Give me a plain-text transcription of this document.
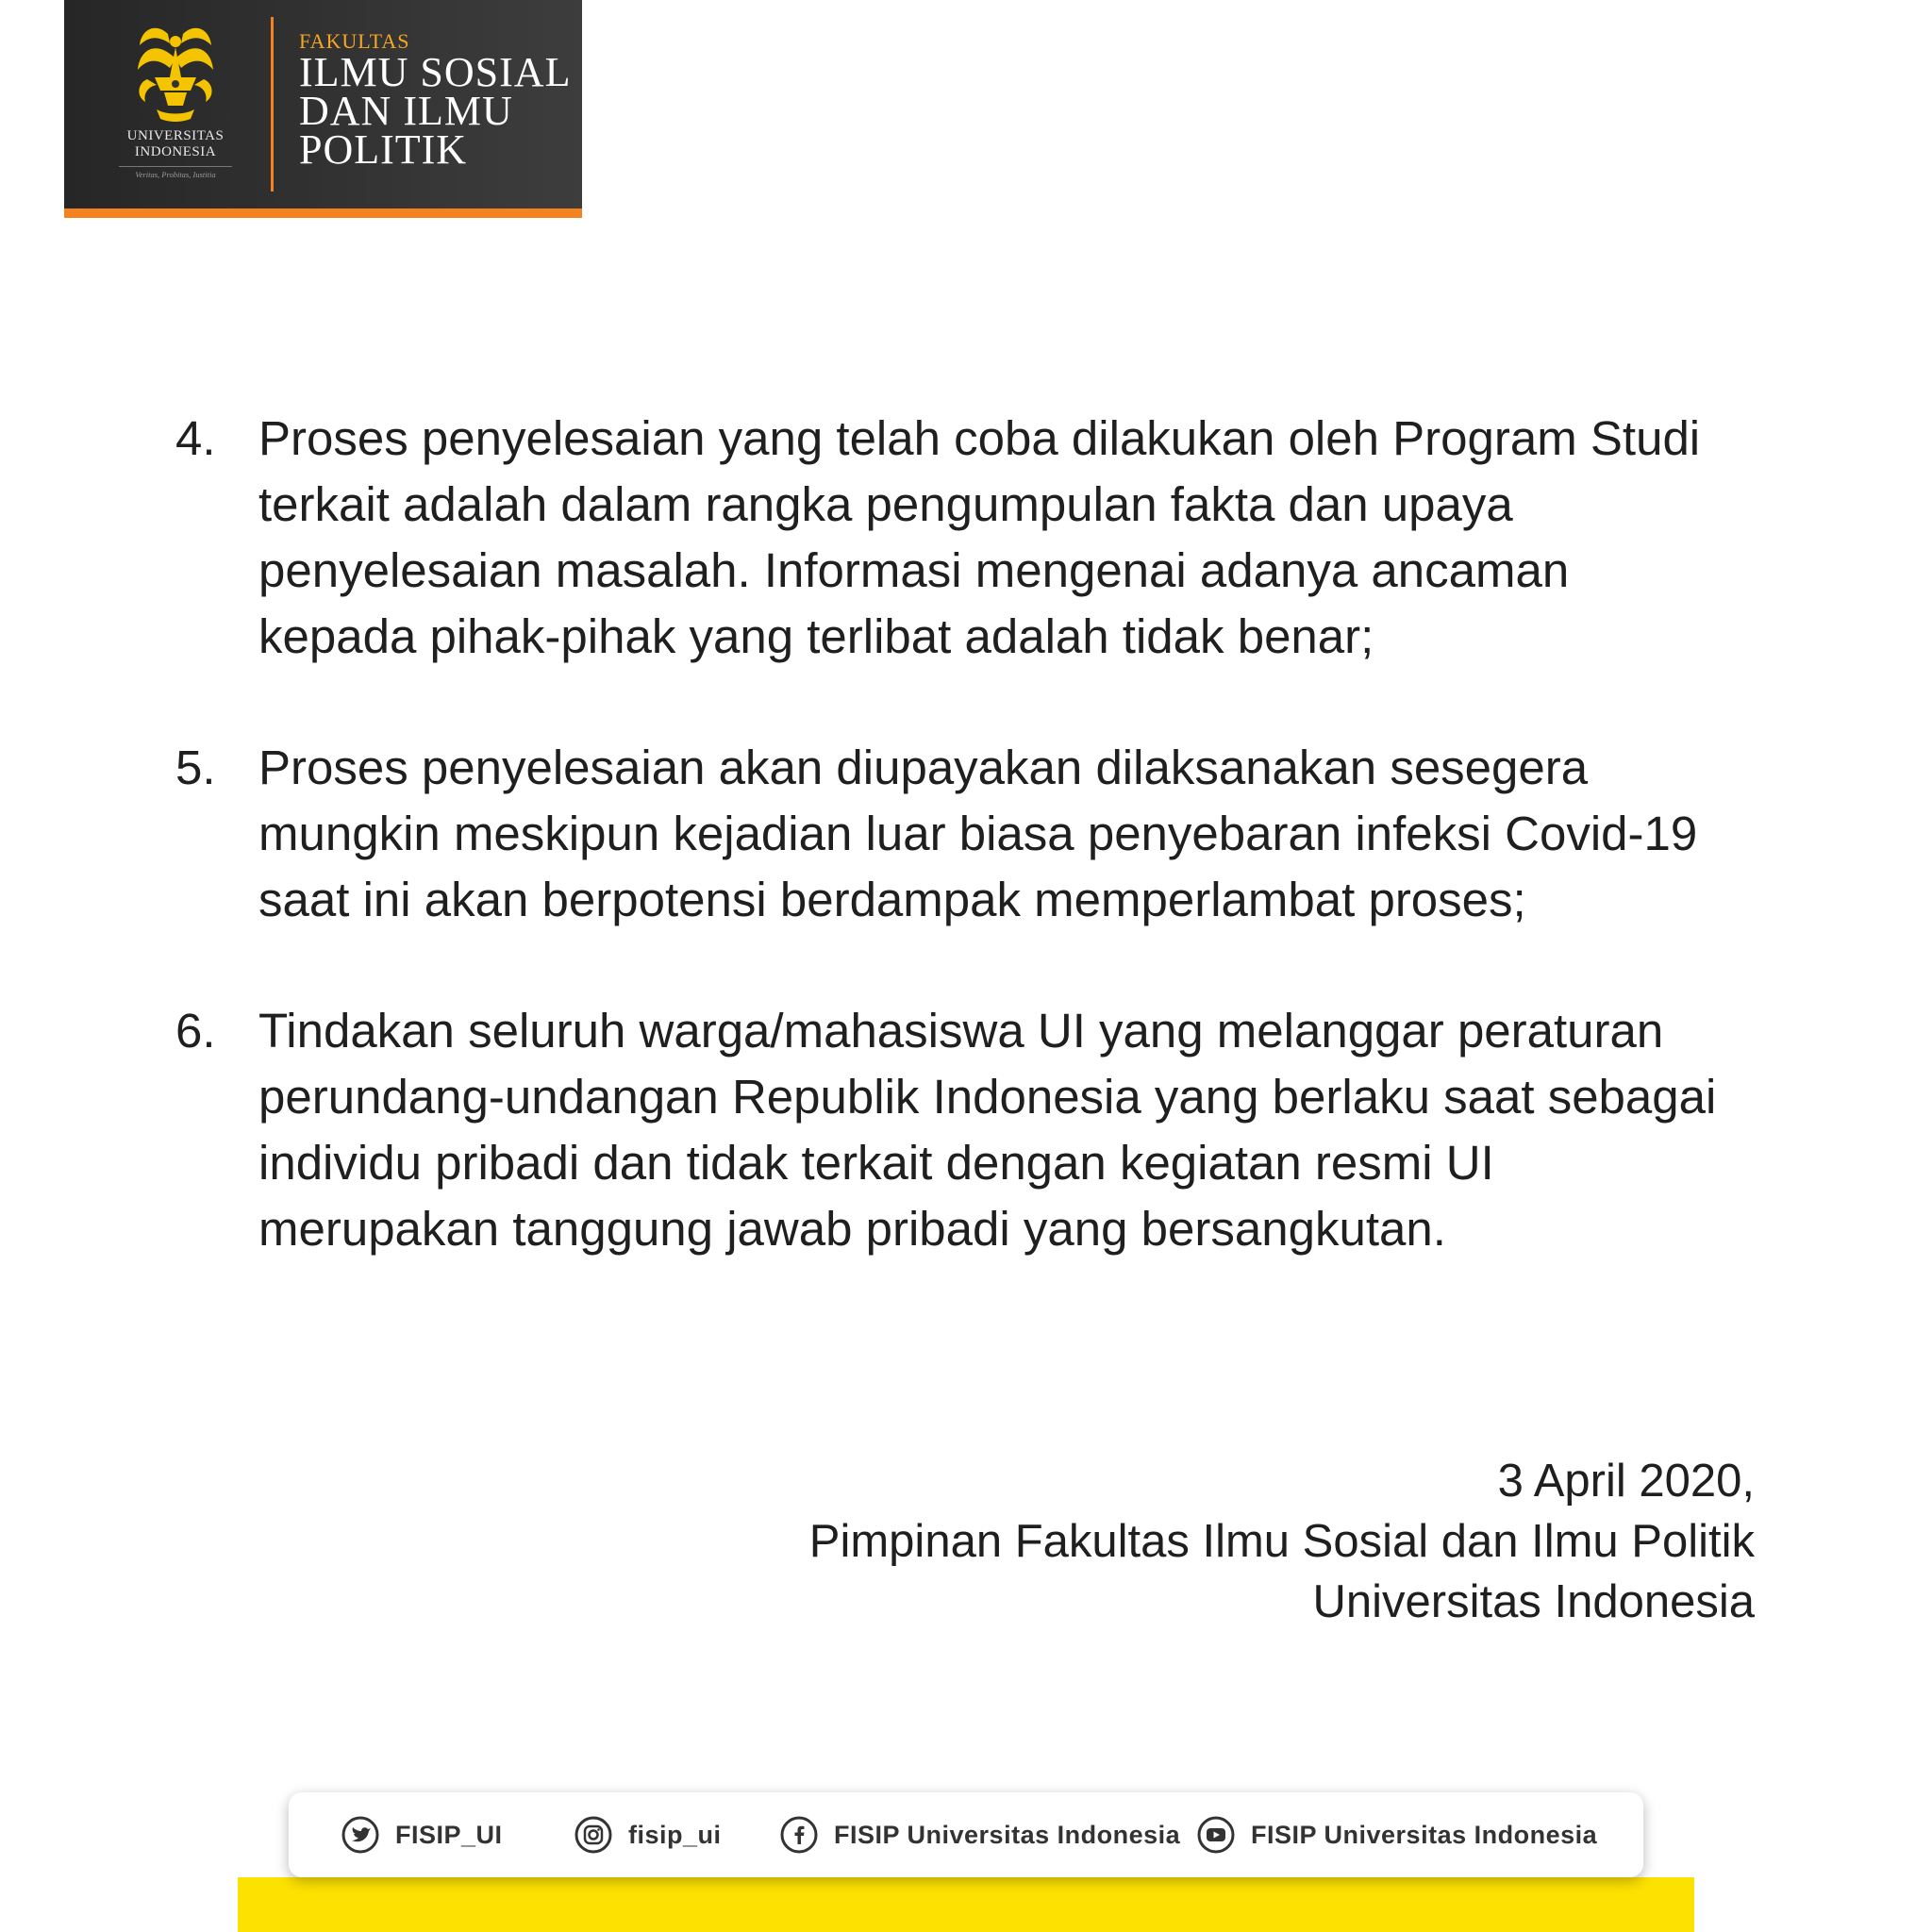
UNIVERSITAS
INDONESIA
Veritas, Probitas, Iustitia
FAKULTAS
ILMU SOSIAL
DAN ILMU
POLITIK
4. Proses penyelesaian yang telah coba dilakukan oleh Program Studi terkait adalah dalam rangka pengumpulan fakta dan upaya penyelesaian masalah. Informasi mengenai adanya ancaman kepada pihak-pihak yang terlibat adalah tidak benar;
5. Proses penyelesaian akan diupayakan dilaksanakan sesegera mungkin meskipun kejadian luar biasa penyebaran infeksi Covid-19 saat ini akan berpotensi berdampak memperlambat proses;
6. Tindakan seluruh warga/mahasiswa UI yang melanggar peraturan perundang-undangan Republik Indonesia yang berlaku saat sebagai individu pribadi dan tidak terkait dengan kegiatan resmi UI merupakan tanggung jawab pribadi yang bersangkutan.
3 April 2020,
Pimpinan Fakultas Ilmu Sosial dan Ilmu Politik
Universitas Indonesia
FISIP_UI	fisip_ui	FISIP Universitas Indonesia	FISIP Universitas Indonesia
